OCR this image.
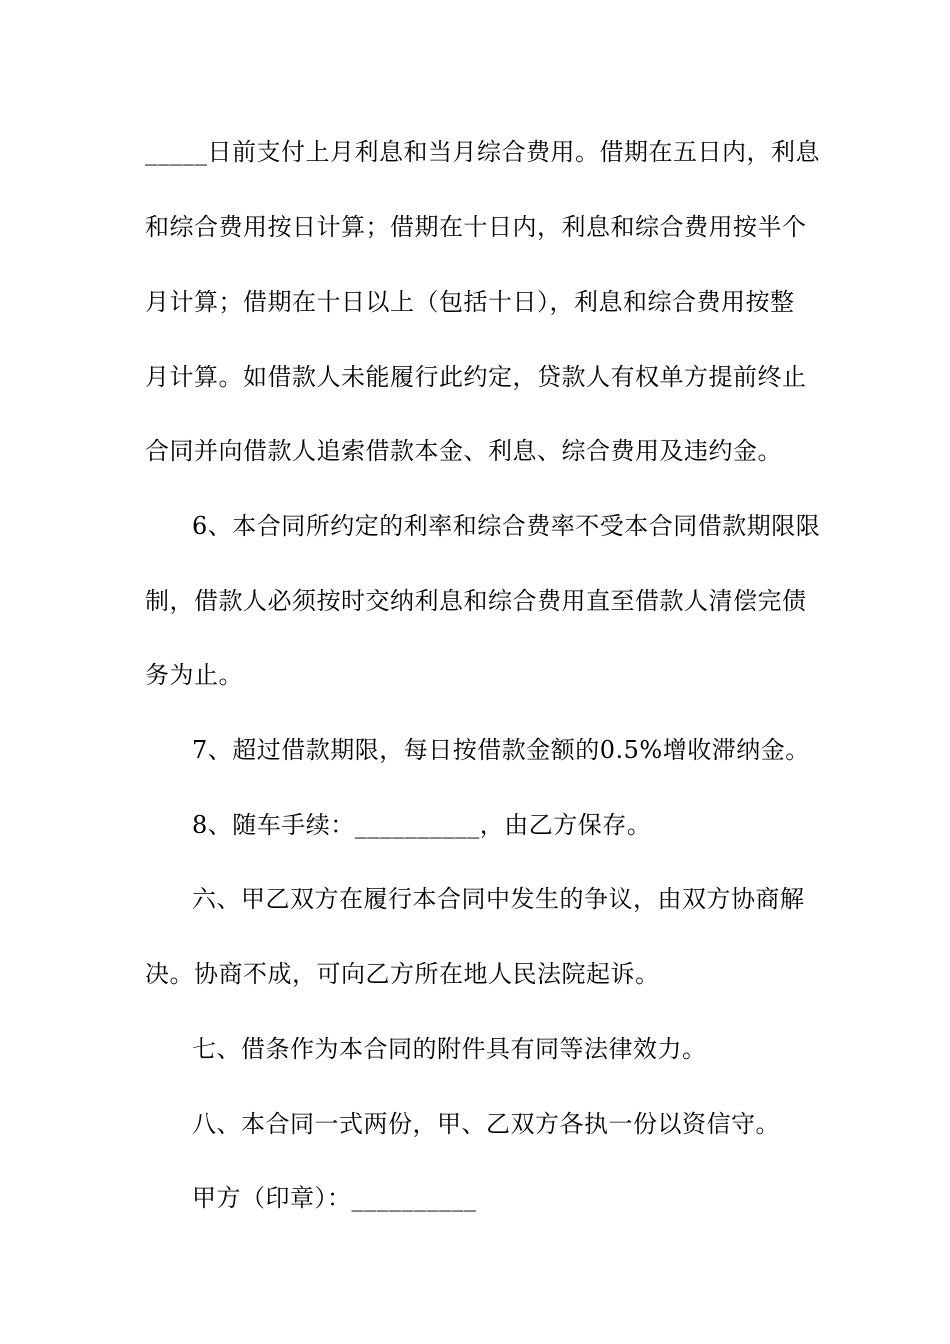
_____日前支付上月利息和当月综合费用。借期在五日内，利息
和综合费用按日计算；借期在十日内，利息和综合费用按半个
月计算；借期在十日以上（包括十日），利息和综合费用按整
月计算。如借款人未能履行此约定，贷款人有权单方提前终止
合同并向借款人追索借款本金、利息、综合费用及违约金。
6、本合同所约定的利率和综合费率不受本合同借款期限限
制，借款人必须按时交纳利息和综合费用直至借款人清偿完债
务为止。
7、超过借款期限，每日按借款金额的0.5%增收滞纳金。
8、随车手续：__________，由乙方保存。
六、甲乙双方在履行本合同中发生的争议，由双方协商解
决。协商不成，可向乙方所在地人民法院起诉。
七、借条作为本合同的附件具有同等法律效力。
八、本合同一式两份，甲、乙双方各执一份以资信守。
甲方（印章）：__________
